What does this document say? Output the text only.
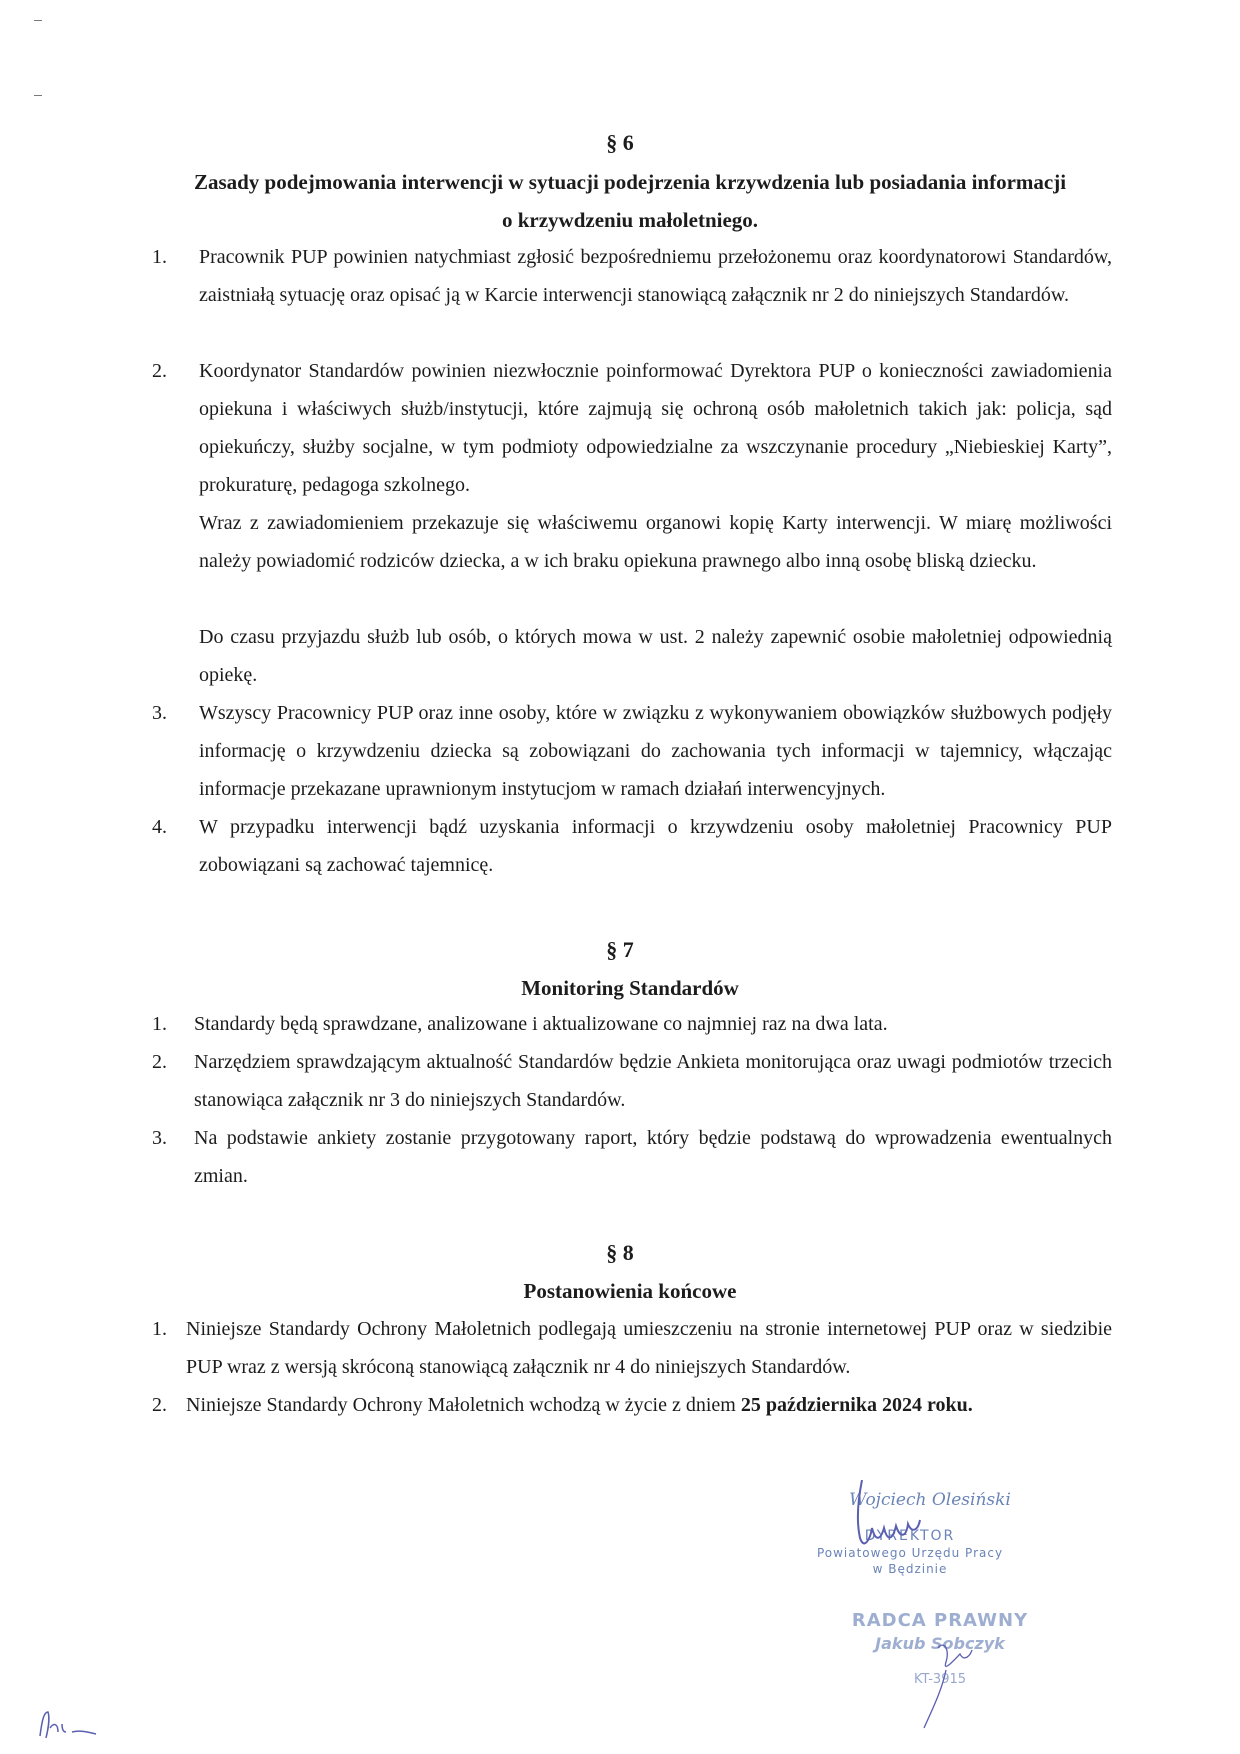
§ 6
Zasady podejmowania interwencji w sytuacji podejrzenia krzywdzenia lub posiadania informacji
o krzywdzeniu małoletniego.
1. Pracownik PUP powinien natychmiast zgłosić bezpośredniemu przełożonemu oraz koordynatorowi Standardów, zaistniałą sytuację oraz opisać ją w Karcie interwencji stanowiącą załącznik nr 2 do niniejszych Standardów.
2. Koordynator Standardów powinien niezwłocznie poinformować Dyrektora PUP o konieczności zawiadomienia opiekuna i właściwych służb/instytucji, które zajmują się ochroną osób małoletnich takich jak: policja, sąd opiekuńczy, służby socjalne, w tym podmioty odpowiedzialne za wszczynanie procedury „Niebieskiej Karty”, prokuraturę, pedagoga szkolnego.
Wraz z zawiadomieniem przekazuje się właściwemu organowi kopię Karty interwencji. W miarę możliwości należy powiadomić rodziców dziecka, a w ich braku opiekuna prawnego albo inną osobę bliską dziecku.
Do czasu przyjazdu służb lub osób, o których mowa w ust. 2 należy zapewnić osobie małoletniej odpowiednią opiekę.
3. Wszyscy Pracownicy PUP oraz inne osoby, które w związku z wykonywaniem obowiązków służbowych podjęły informację o krzywdzeniu dziecka są zobowiązani do zachowania tych informacji w tajemnicy, włączając informacje przekazane uprawnionym instytucjom w ramach działań interwencyjnych.
4. W przypadku interwencji bądź uzyskania informacji o krzywdzeniu osoby małoletniej Pracownicy PUP zobowiązani są zachować tajemnicę.
§ 7
Monitoring Standardów
1. Standardy będą sprawdzane, analizowane i aktualizowane co najmniej raz na dwa lata.
2. Narzędziem sprawdzającym aktualność Standardów będzie Ankieta monitorująca oraz uwagi podmiotów trzecich stanowiąca załącznik nr 3 do niniejszych Standardów.
3. Na podstawie ankiety zostanie przygotowany raport, który będzie podstawą do wprowadzenia ewentualnych zmian.
§ 8
Postanowienia końcowe
1. Niniejsze Standardy Ochrony Małoletnich podlegają umieszczeniu na stronie internetowej PUP oraz w siedzibie PUP wraz z wersją skróconą stanowiącą załącznik nr 4 do niniejszych Standardów.
2. Niniejsze Standardy Ochrony Małoletnich wchodzą w życie z dniem 25 października 2024 roku.
Wojciech Olesiński
DYREKTOR
Powiatowego Urzędu Pracy
w Będzinie
RADCA PRAWNY
Jakub Sobczyk
KT-3915
